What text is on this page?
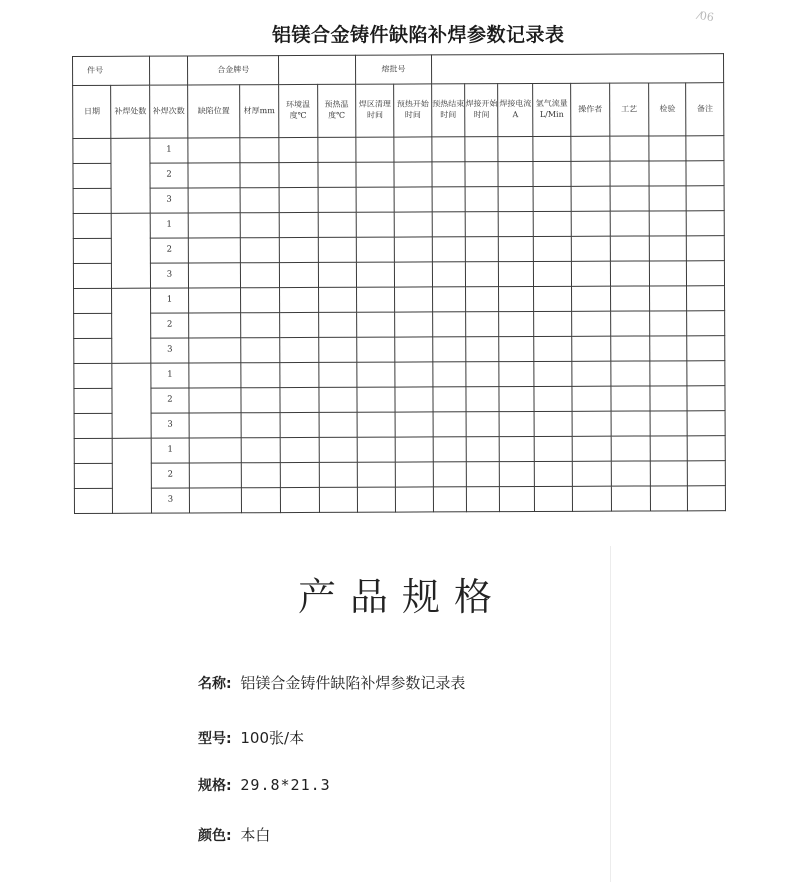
⁄06
铝镁合金铸件缺陷补焊参数记录表
件号			合金牌号				熔批号									
日期	补焊处数	补焊次数	缺陷位置	材厚mm	环境温度℃	预热温度℃	焊区清理时间	预热开始时间	预热结束时间	焊接开始时间	焊接电流A	氩气流量L/Min	操作者	工艺	检验	备注
		1														
		2														
		3														
		1														
		2														
		3														
		1														
		2														
		3														
		1														
		2														
		3														
		1														
		2														
		3														
产品规格
名称: 铝镁合金铸件缺陷补焊参数记录表
型号: 100张/本
规格: 29.8*21.3
颜色: 本白
